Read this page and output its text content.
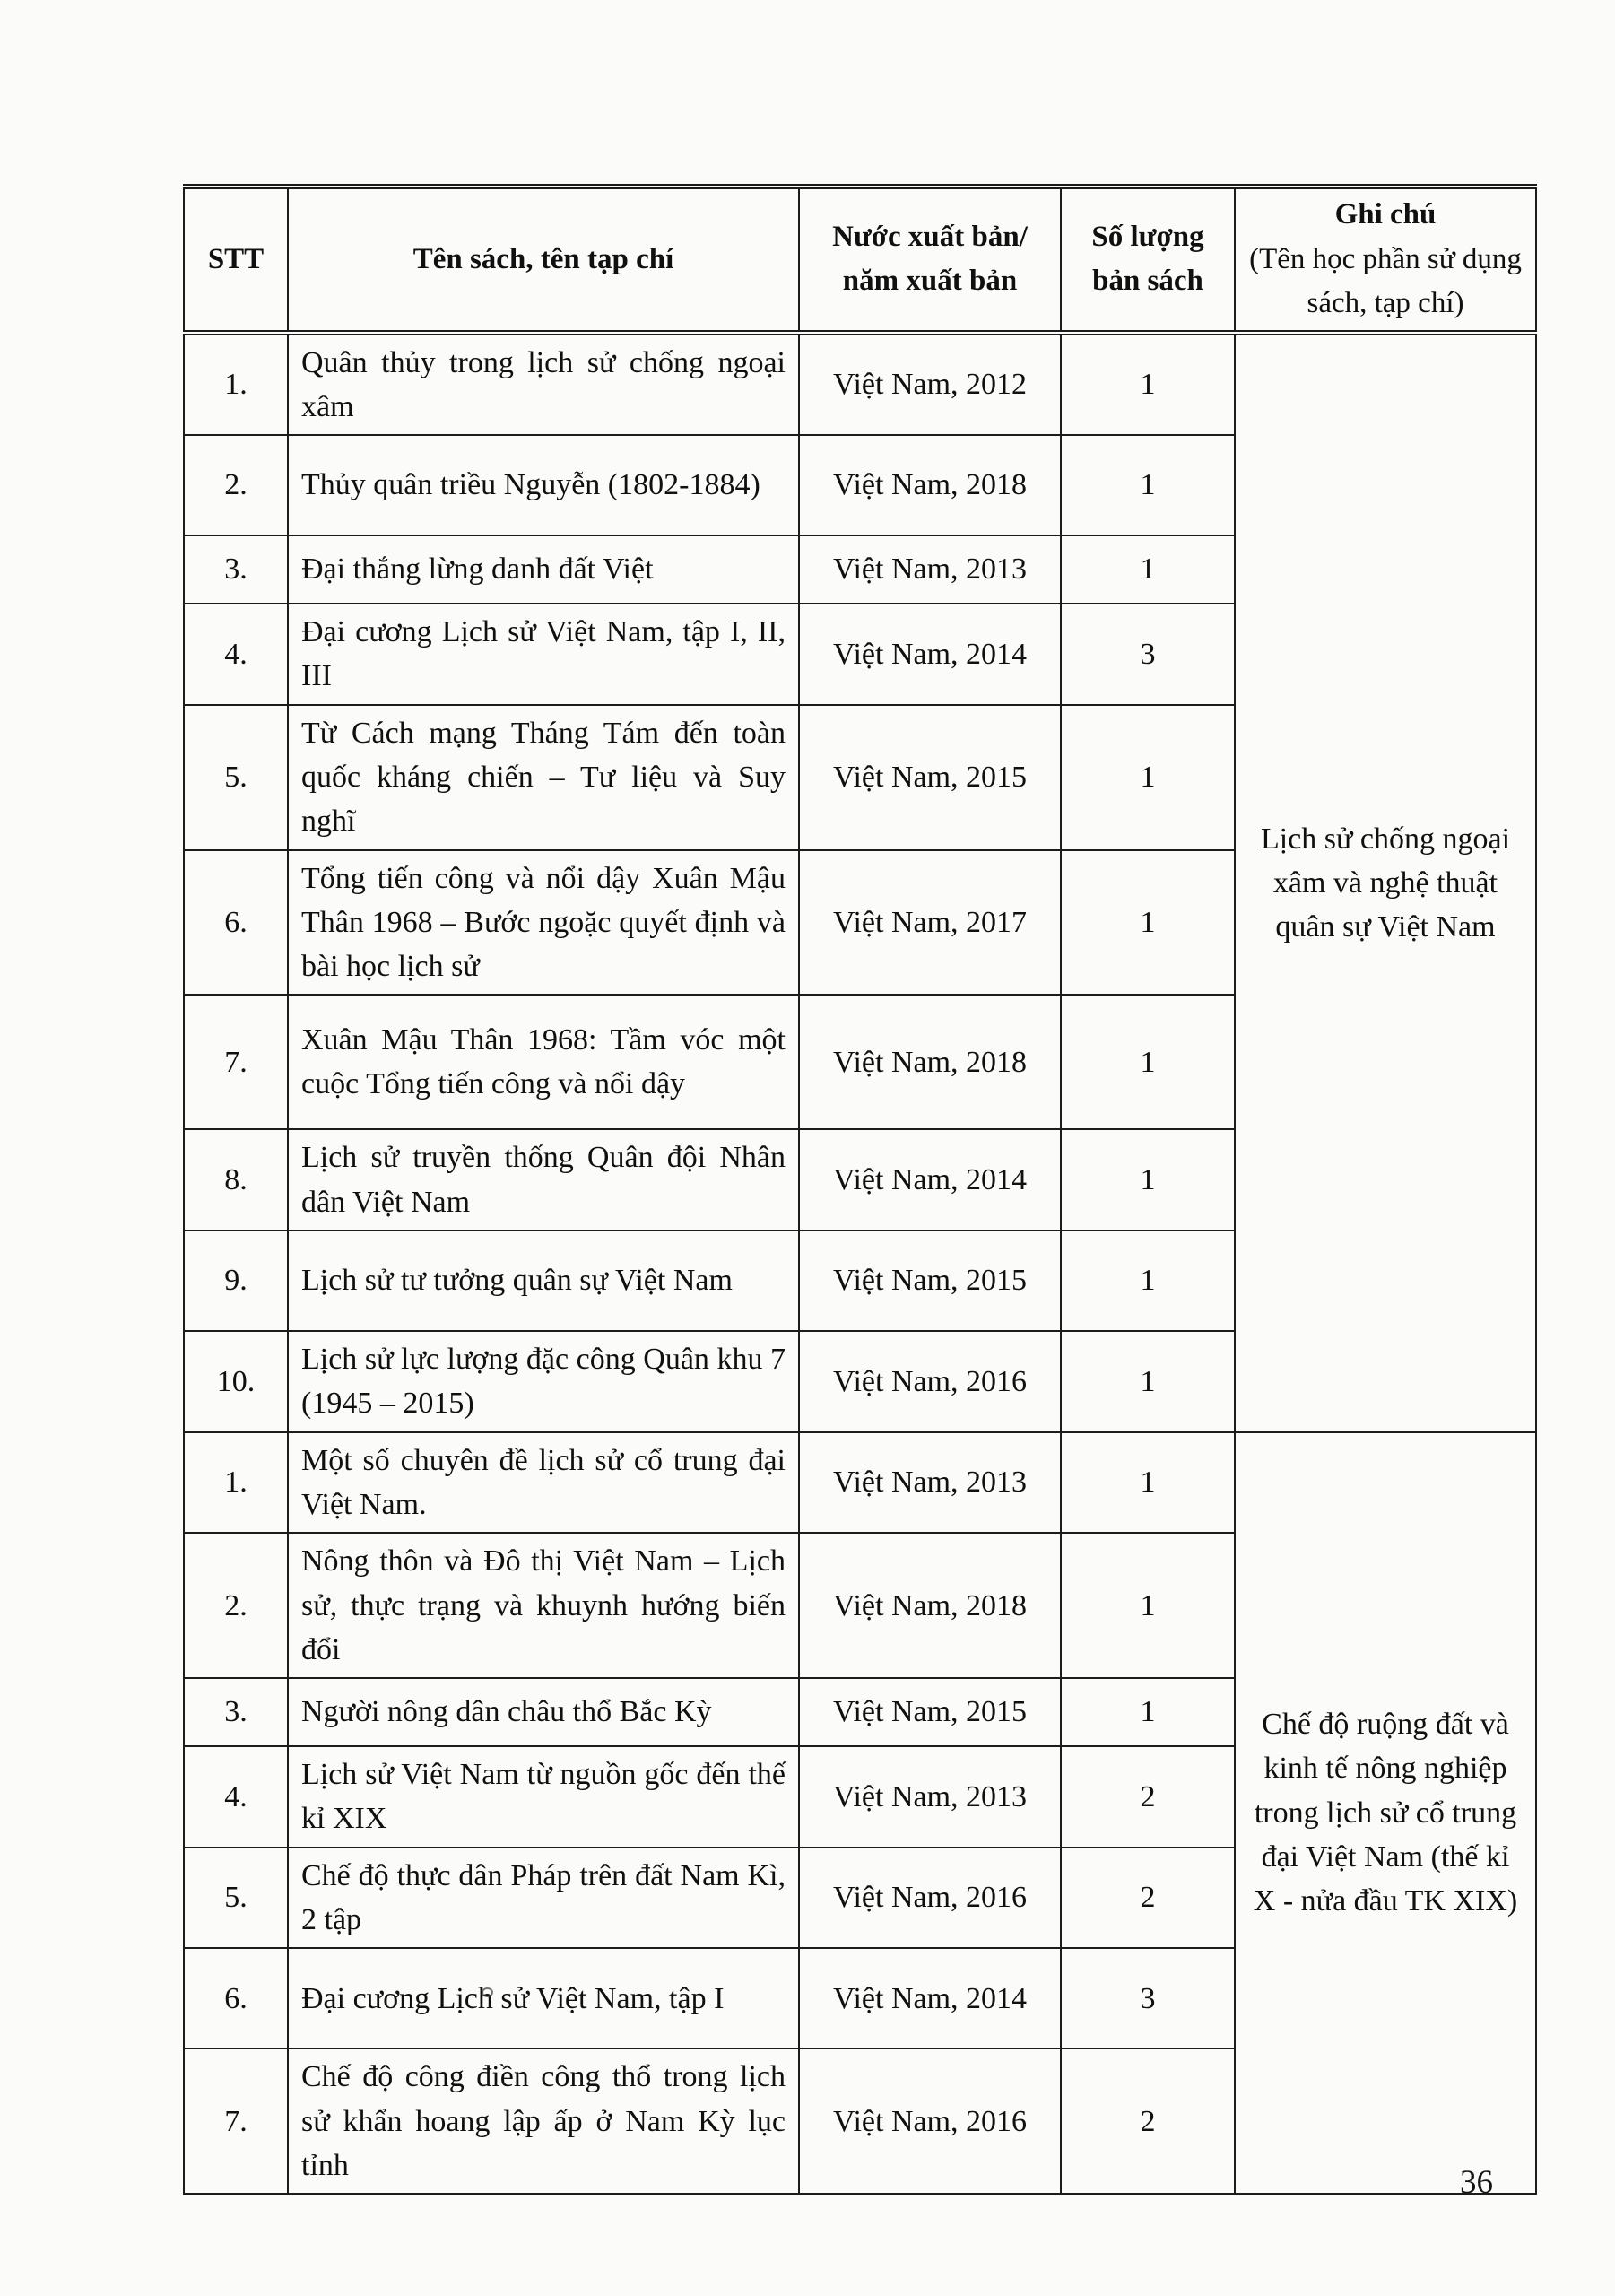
STT	Tên sách, tên tạp chí	Nước xuất bản/ năm xuất bản	Số lượng bản sách	Ghi chú
(Tên học phần sử dụng sách, tạp chí)

1.	Quân thủy trong lịch sử chống ngoại xâm	Việt Nam, 2012	1	Lịch sử chống ngoại xâm và nghệ thuật quân sự Việt Nam
2.	Thủy quân triều Nguyễn (1802-1884)	Việt Nam, 2018	1	
3.	Đại thắng lừng danh đất Việt	Việt Nam, 2013	1	
4.	Đại cương Lịch sử Việt Nam, tập I, II, III	Việt Nam, 2014	3	
5.	Từ Cách mạng Tháng Tám đến toàn quốc kháng chiến – Tư liệu và Suy nghĩ	Việt Nam, 2015	1	
6.	Tổng tiến công và nổi dậy Xuân Mậu Thân 1968 – Bước ngoặc quyết định và bài học lịch sử	Việt Nam, 2017	1	
7.	Xuân Mậu Thân 1968: Tầm vóc một cuộc Tổng tiến công và nổi dậy	Việt Nam, 2018	1	
8.	Lịch sử truyền thống Quân đội Nhân dân Việt Nam	Việt Nam, 2014	1	
9.	Lịch sử tư tưởng quân sự Việt Nam	Việt Nam, 2015	1	
10.	Lịch sử lực lượng đặc công Quân khu 7 (1945 – 2015)	Việt Nam, 2016	1	
1.	Một số chuyên đề lịch sử cổ trung đại Việt Nam.	Việt Nam, 2013	1	Chế độ ruộng đất và kinh tế nông nghiệp trong lịch sử cổ trung đại Việt Nam (thế kỉ X - nửa đầu TK XIX)
2.	Nông thôn và Đô thị Việt Nam – Lịch sử, thực trạng và khuynh hướng biến đổi	Việt Nam, 2018	1	
3.	Người nông dân châu thổ Bắc Kỳ	Việt Nam, 2015	1	
4.	Lịch sử Việt Nam từ nguồn gốc đến thế kỉ XIX	Việt Nam, 2013	2	
5.	Chế độ thực dân Pháp trên đất Nam Kì, 2 tập	Việt Nam, 2016	2	
6.	Đại cương Lịch sử Việt Nam, tập I	Việt Nam, 2014	3	
7.	Chế độ công điền công thổ trong lịch sử khẩn hoang lập ấp ở Nam Kỳ lục tỉnh	Việt Nam, 2016	2	
36
